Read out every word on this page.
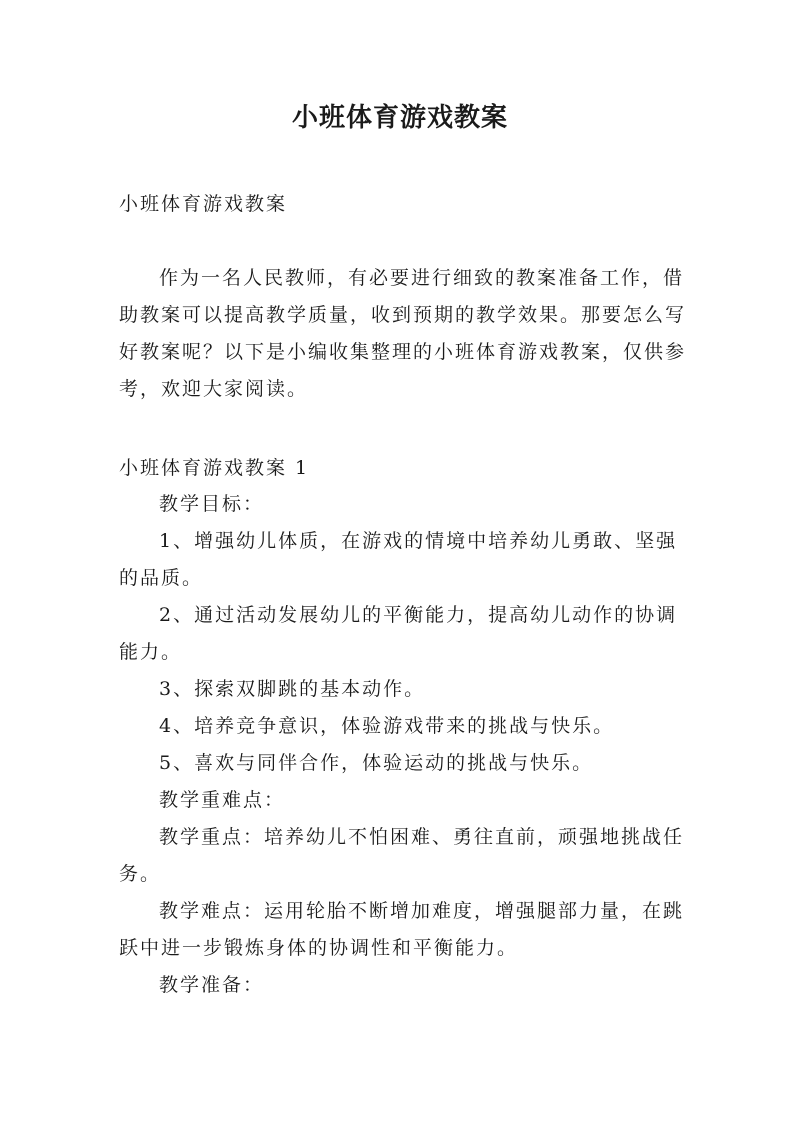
小班体育游戏教案

小班体育游戏教案

作为一名人民教师，有必要进行细致的教案准备工作，借助教案可以提高教学质量，收到预期的教学效果。那要怎么写好教案呢？以下是小编收集整理的小班体育游戏教案，仅供参考，欢迎大家阅读。

小班体育游戏教案 1

教学目标：

1、增强幼儿体质，在游戏的情境中培养幼儿勇敢、坚强的品质。

2、通过活动发展幼儿的平衡能力，提高幼儿动作的协调能力。

3、探索双脚跳的基本动作。

4、培养竞争意识，体验游戏带来的挑战与快乐。

5、喜欢与同伴合作，体验运动的挑战与快乐。

教学重难点：

教学重点：培养幼儿不怕困难、勇往直前，顽强地挑战任务。

教学难点：运用轮胎不断增加难度，增强腿部力量，在跳跃中进一步锻炼身体的协调性和平衡能力。

教学准备：
